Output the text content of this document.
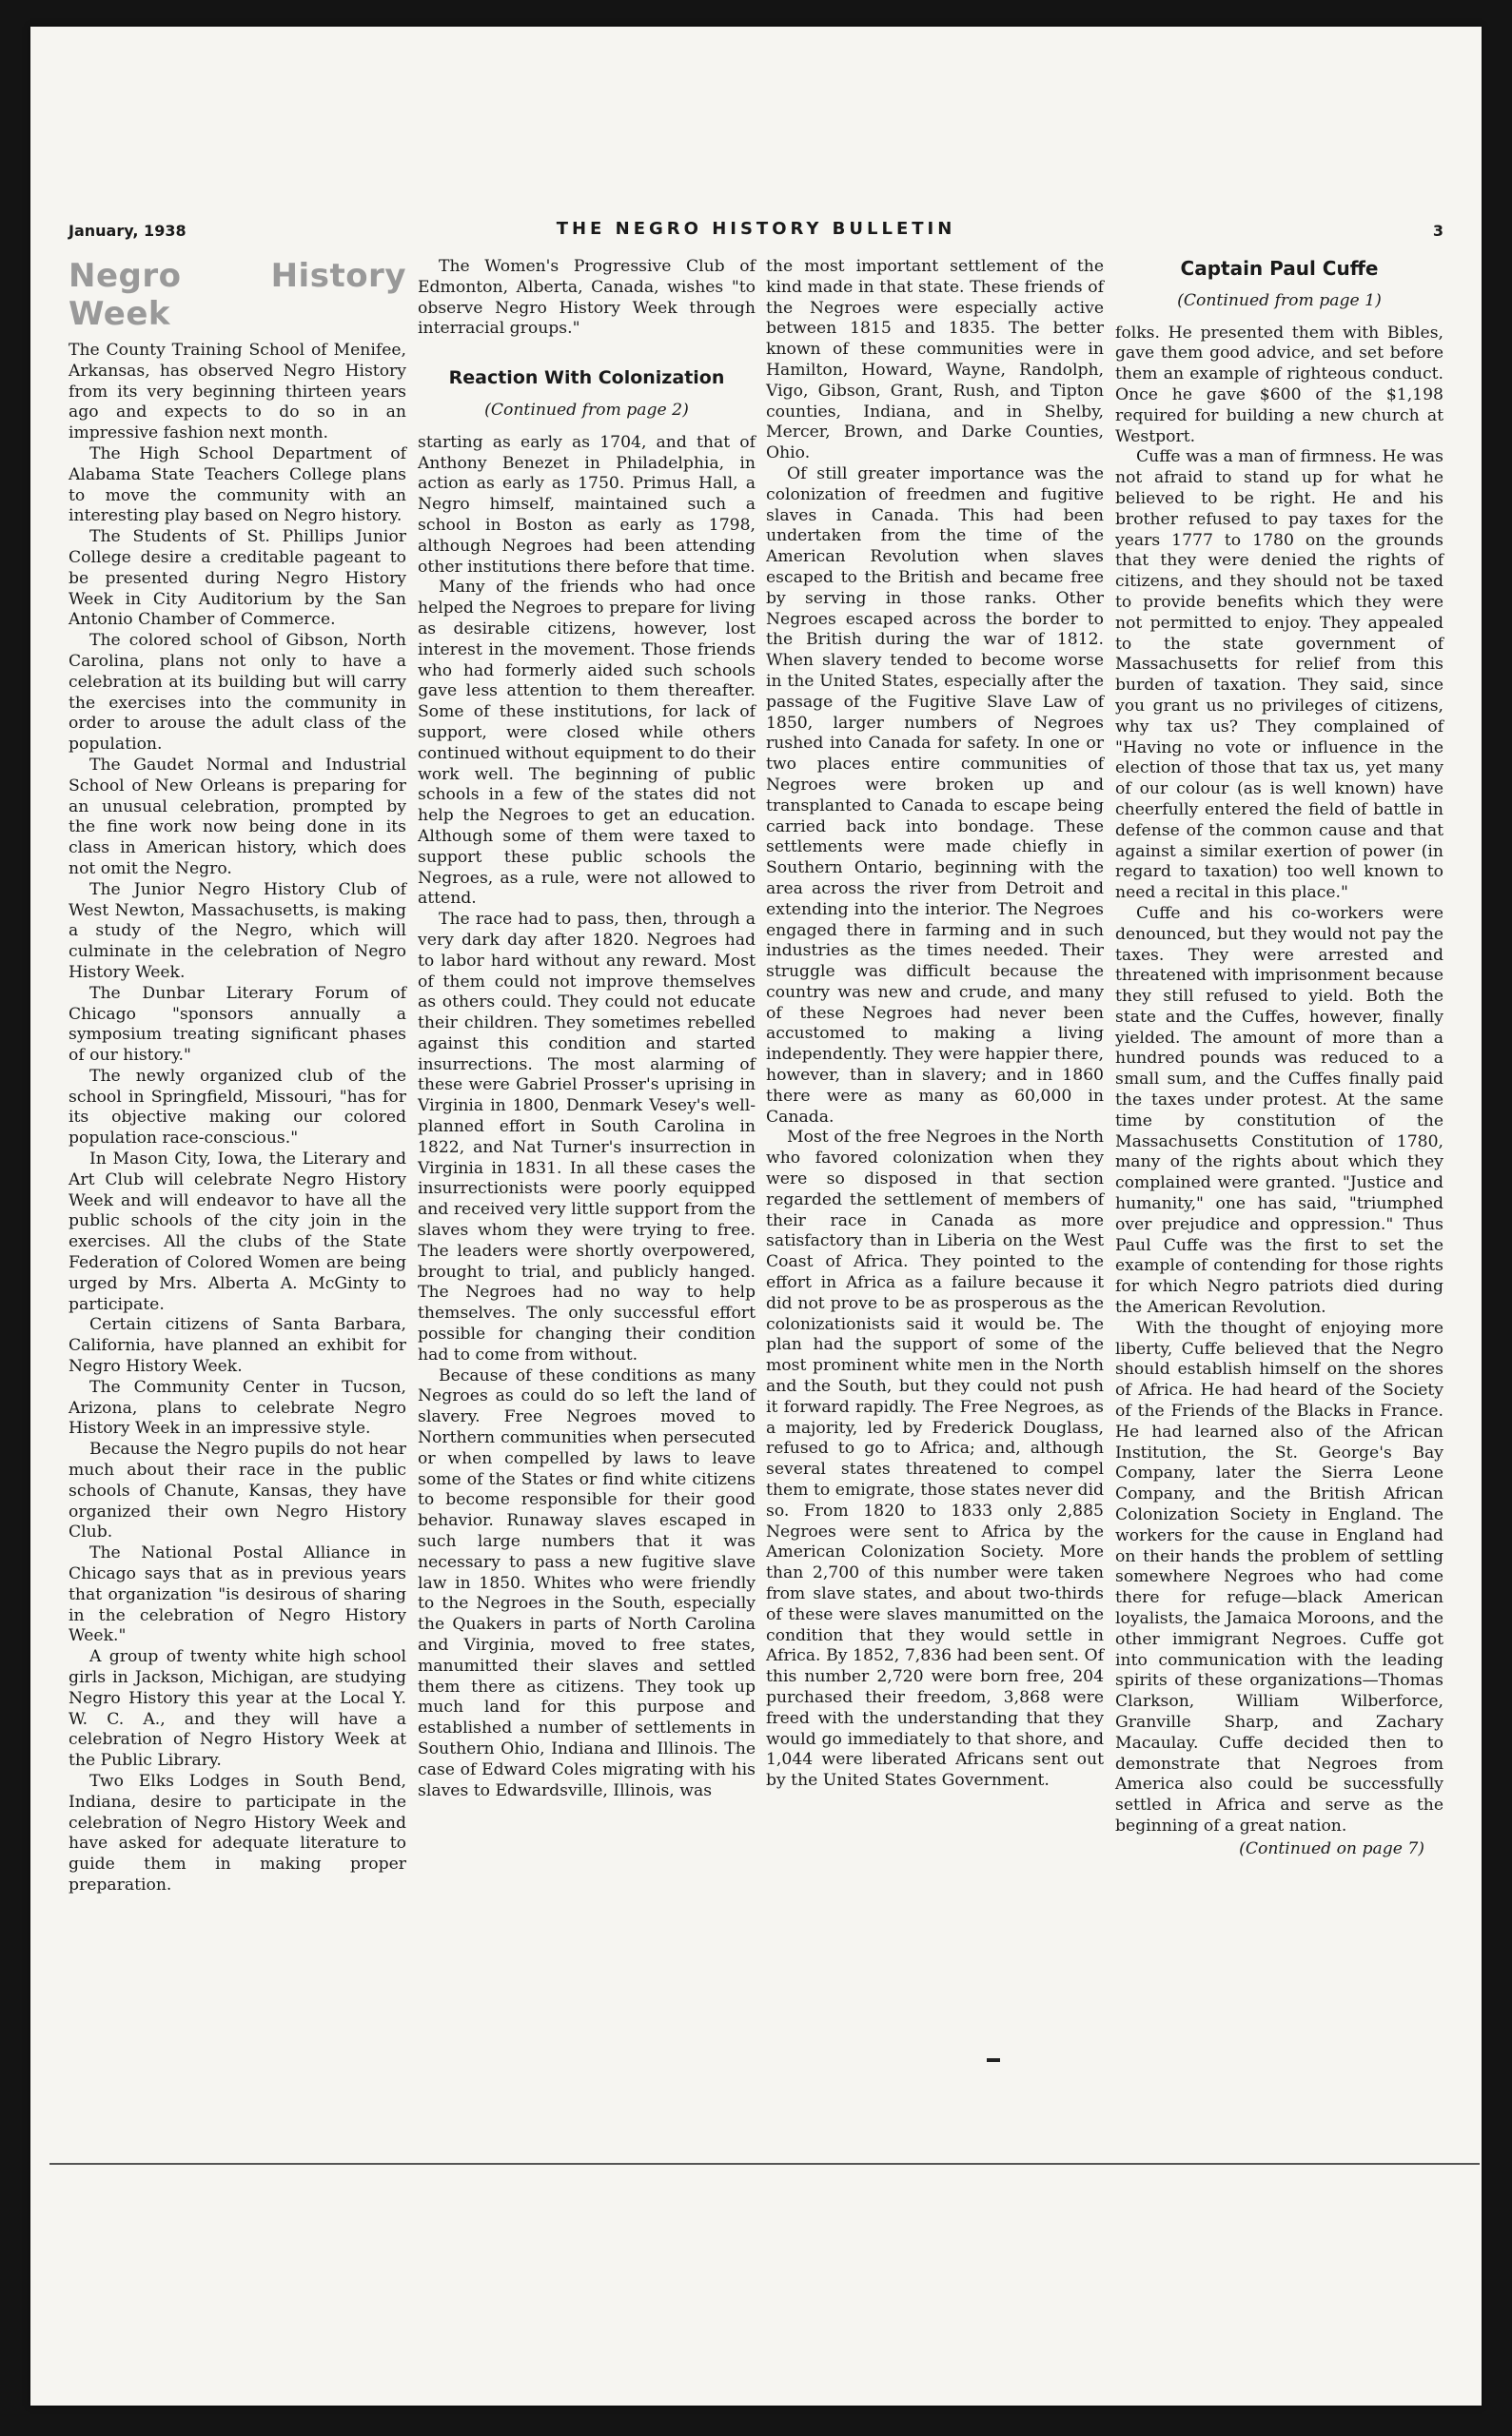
January, 1938	THE NEGRO HISTORY BULLETIN	3
Negro History Week

The County Training School of Menifee, Arkansas, has observed Negro History from its very beginning thirteen years ago and expects to do so in an impressive fashion next month.

The High School Department of Alabama State Teachers College plans to move the community with an interesting play based on Negro history.

The Students of St. Phillips Junior College desire a creditable pageant to be presented during Negro History Week in City Auditorium by the San Antonio Chamber of Commerce.

The colored school of Gibson, North Carolina, plans not only to have a celebration at its building but will carry the exercises into the community in order to arouse the adult class of the population.

The Gaudet Normal and Industrial School of New Orleans is preparing for an unusual celebration, prompted by the fine work now being done in its class in American history, which does not omit the Negro.

The Junior Negro History Club of West Newton, Massachusetts, is making a study of the Negro, which will culminate in the celebration of Negro History Week.

The Dunbar Literary Forum of Chicago "sponsors annually a symposium treating significant phases of our history."

The newly organized club of the school in Springfield, Missouri, "has for its objective making our colored population race-conscious."

In Mason City, Iowa, the Literary and Art Club will celebrate Negro History Week and will endeavor to have all the public schools of the city join in the exercises. All the clubs of the State Federation of Colored Women are being urged by Mrs. Alberta A. McGinty to participate.

Certain citizens of Santa Barbara, California, have planned an exhibit for Negro History Week.

The Community Center in Tucson, Arizona, plans to celebrate Negro History Week in an impressive style.

Because the Negro pupils do not hear much about their race in the public schools of Chanute, Kansas, they have organized their own Negro History Club.

The National Postal Alliance in Chicago says that as in previous years that organization "is desirous of sharing in the celebration of Negro History Week."

A group of twenty white high school girls in Jackson, Michigan, are studying Negro History this year at the Local Y. W. C. A., and they will have a celebration of Negro History Week at the Public Library.

Two Elks Lodges in South Bend, Indiana, desire to participate in the celebration of Negro History Week and have asked for adequate literature to guide them in making proper preparation.

The Women's Progressive Club of Edmonton, Alberta, Canada, wishes "to observe Negro History Week through interracial groups."

Reaction With Colonization
(Continued from page 2)

starting as early as 1704, and that of Anthony Benezet in Philadelphia, in action as early as 1750. Primus Hall, a Negro himself, maintained such a school in Boston as early as 1798, although Negroes had been attending other institutions there before that time.

Many of the friends who had once helped the Negroes to prepare for living as desirable citizens, however, lost interest in the movement. Those friends who had formerly aided such schools gave less attention to them thereafter. Some of these institutions, for lack of support, were closed while others continued without equipment to do their work well. The beginning of public schools in a few of the states did not help the Negroes to get an education. Although some of them were taxed to support these public schools the Negroes, as a rule, were not allowed to attend.

The race had to pass, then, through a very dark day after 1820. Negroes had to labor hard without any reward. Most of them could not improve themselves as others could. They could not educate their children. They sometimes rebelled against this condition and started insurrections. The most alarming of these were Gabriel Prosser's uprising in Virginia in 1800, Denmark Vesey's well-planned effort in South Carolina in 1822, and Nat Turner's insurrection in Virginia in 1831. In all these cases the insurrectionists were poorly equipped and received very little support from the slaves whom they were trying to free. The leaders were shortly overpowered, brought to trial, and publicly hanged. The Negroes had no way to help themselves. The only successful effort possible for changing their condition had to come from without.

Because of these conditions as many Negroes as could do so left the land of slavery. Free Negroes moved to Northern communities when persecuted or when compelled by laws to leave some of the States or find white citizens to become responsible for their good behavior. Runaway slaves escaped in such large numbers that it was necessary to pass a new fugitive slave law in 1850. Whites who were friendly to the Negroes in the South, especially the Quakers in parts of North Carolina and Virginia, moved to free states, manumitted their slaves and settled them there as citizens. They took up much land for this purpose and established a number of settlements in Southern Ohio, Indiana and Illinois. The case of Edward Coles migrating with his slaves to Edwardsville, Illinois, was

the most important settlement of the kind made in that state. These friends of the Negroes were especially active between 1815 and 1835. The better known of these communities were in Hamilton, Howard, Wayne, Randolph, Vigo, Gibson, Grant, Rush, and Tipton counties, Indiana, and in Shelby, Mercer, Brown, and Darke Counties, Ohio.

Of still greater importance was the colonization of freedmen and fugitive slaves in Canada. This had been undertaken from the time of the American Revolution when slaves escaped to the British and became free by serving in those ranks. Other Negroes escaped across the border to the British during the war of 1812. When slavery tended to become worse in the United States, especially after the passage of the Fugitive Slave Law of 1850, larger numbers of Negroes rushed into Canada for safety. In one or two places entire communities of Negroes were broken up and transplanted to Canada to escape being carried back into bondage. These settlements were made chiefly in Southern Ontario, beginning with the area across the river from Detroit and extending into the interior. The Negroes engaged there in farming and in such industries as the times needed. Their struggle was difficult because the country was new and crude, and many of these Negroes had never been accustomed to making a living independently. They were happier there, however, than in slavery; and in 1860 there were as many as 60,000 in Canada.

Most of the free Negroes in the North who favored colonization when they were so disposed in that section regarded the settlement of members of their race in Canada as more satisfactory than in Liberia on the West Coast of Africa. They pointed to the effort in Africa as a failure because it did not prove to be as prosperous as the colonizationists said it would be. The plan had the support of some of the most prominent white men in the North and the South, but they could not push it forward rapidly. The Free Negroes, as a majority, led by Frederick Douglass, refused to go to Africa; and, although several states threatened to compel them to emigrate, those states never did so. From 1820 to 1833 only 2,885 Negroes were sent to Africa by the American Colonization Society. More than 2,700 of this number were taken from slave states, and about two-thirds of these were slaves manumitted on the condition that they would settle in Africa. By 1852, 7,836 had been sent. Of this number 2,720 were born free, 204 purchased their freedom, 3,868 were freed with the understanding that they would go immediately to that shore, and 1,044 were liberated Africans sent out by the United States Government.

Captain Paul Cuffe
(Continued from page 1)

folks. He presented them with Bibles, gave them good advice, and set before them an example of righteous conduct. Once he gave $600 of the $1,198 required for building a new church at Westport.

Cuffe was a man of firmness. He was not afraid to stand up for what he believed to be right. He and his brother refused to pay taxes for the years 1777 to 1780 on the grounds that they were denied the rights of citizens, and they should not be taxed to provide benefits which they were not permitted to enjoy. They appealed to the state government of Massachusetts for relief from this burden of taxation. They said, since you grant us no privileges of citizens, why tax us? They complained of "Having no vote or influence in the election of those that tax us, yet many of our colour (as is well known) have cheerfully entered the field of battle in defense of the common cause and that against a similar exertion of power (in regard to taxation) too well known to need a recital in this place."

Cuffe and his co-workers were denounced, but they would not pay the taxes. They were arrested and threatened with imprisonment because they still refused to yield. Both the state and the Cuffes, however, finally yielded. The amount of more than a hundred pounds was reduced to a small sum, and the Cuffes finally paid the taxes under protest. At the same time by constitution of the Massachusetts Constitution of 1780, many of the rights about which they complained were granted. "Justice and humanity," one has said, "triumphed over prejudice and oppression." Thus Paul Cuffe was the first to set the example of contending for those rights for which Negro patriots died during the American Revolution.

With the thought of enjoying more liberty, Cuffe believed that the Negro should establish himself on the shores of Africa. He had heard of the Society of the Friends of the Blacks in France. He had learned also of the African Institution, the St. George's Bay Company, later the Sierra Leone Company, and the British African Colonization Society in England. The workers for the cause in England had on their hands the problem of settling somewhere Negroes who had come there for refuge—black American loyalists, the Jamaica Moroons, and the other immigrant Negroes. Cuffe got into communication with the leading spirits of these organizations—Thomas Clarkson, William Wilberforce, Granville Sharp, and Zachary Macaulay. Cuffe decided then to demonstrate that Negroes from America also could be successfully settled in Africa and serve as the beginning of a great nation.

(Continued on page 7)
